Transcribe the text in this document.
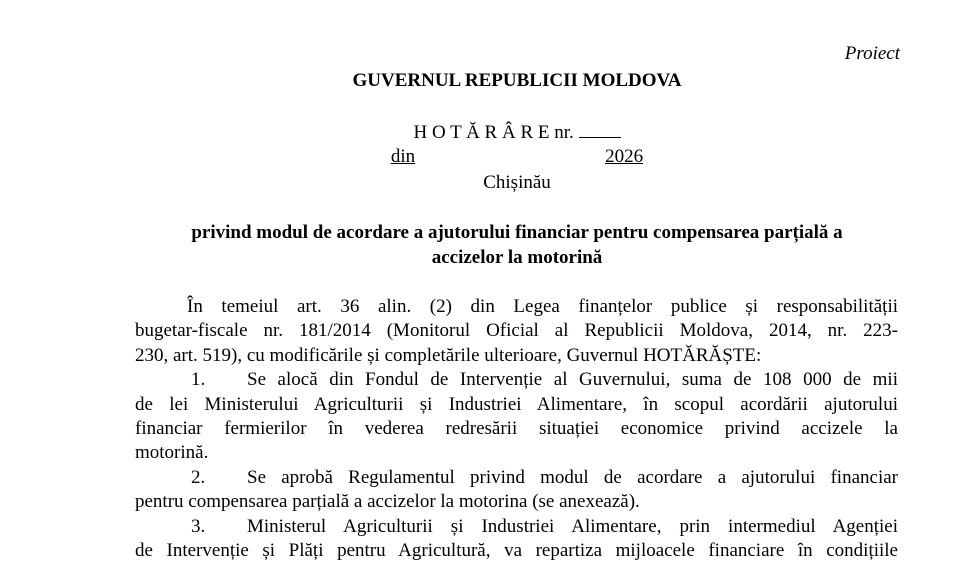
Proiect
GUVERNUL REPUBLICII MOLDOVA
H O T Ă R Â R E nr.
din	2026
Chișinău
privind modul de acordare a ajutorului financiar pentru compensarea parțială a
accizelor la motorină

În temeiul art. 36 alin. (2) din Legea finanțelor publice și responsabilității

bugetar-fiscale nr. 181/2014 (Monitorul Oficial al Republicii Moldova, 2014, nr. 223-

230, art. 519), cu modificările și completările ulterioare, Guvernul HOTĂRĂȘTE:

1. Se alocă din Fondul de Intervenție al Guvernului, suma de 108 000 de mii

de lei Ministerului Agriculturii și Industriei Alimentare, în scopul acordării ajutorului

financiar fermierilor în vederea redresării situației economice privind accizele la

motorină.

2. Se aprobă Regulamentul privind modul de acordare a ajutorului financiar

pentru compensarea parțială a accizelor la motorina (se anexează).

3. Ministerul Agriculturii și Industriei Alimentare, prin intermediul Agenției

de Intervenție și Plăți pentru Agricultură, va repartiza mijloacele financiare în condițiile
